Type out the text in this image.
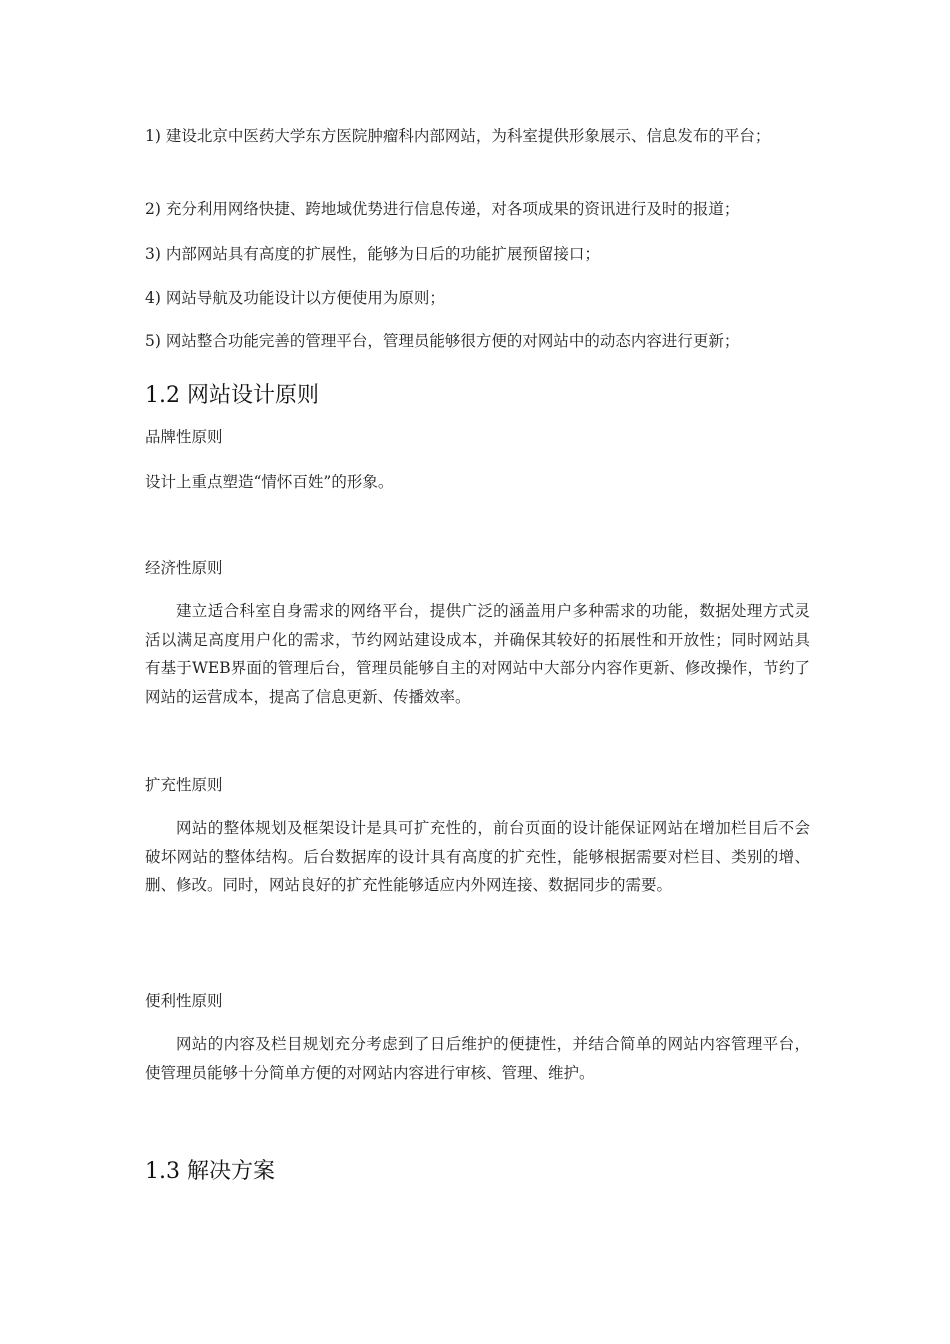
1) 建设北京中医药大学东方医院肿瘤科内部网站，为科室提供形象展示、信息发布的平台；

2) 充分利用网络快捷、跨地域优势进行信息传递，对各项成果的资讯进行及时的报道；

3) 内部网站具有高度的扩展性，能够为日后的功能扩展预留接口；

4) 网站导航及功能设计以方便使用为原则；

5) 网站整合功能完善的管理平台，管理员能够很方便的对网站中的动态内容进行更新；

1.2 网站设计原则

品牌性原则

设计上重点塑造“情怀百姓”的形象。

经济性原则

建立适合科室自身需求的网络平台，提供广泛的涵盖用户多种需求的功能，数据处理方式灵活以满足高度用户化的需求，节约网站建设成本，并确保其较好的拓展性和开放性；同时网站具有基于WEB界面的管理后台，管理员能够自主的对网站中大部分内容作更新、修改操作，节约了网站的运营成本，提高了信息更新、传播效率。

扩充性原则

网站的整体规划及框架设计是具可扩充性的，前台页面的设计能保证网站在增加栏目后不会破坏网站的整体结构。后台数据库的设计具有高度的扩充性，能够根据需要对栏目、类别的增、删、修改。同时，网站良好的扩充性能够适应内外网连接、数据同步的需要。

便利性原则

网站的内容及栏目规划充分考虑到了日后维护的便捷性，并结合简单的网站内容管理平台，使管理员能够十分简单方便的对网站内容进行审核、管理、维护。

1.3 解决方案
